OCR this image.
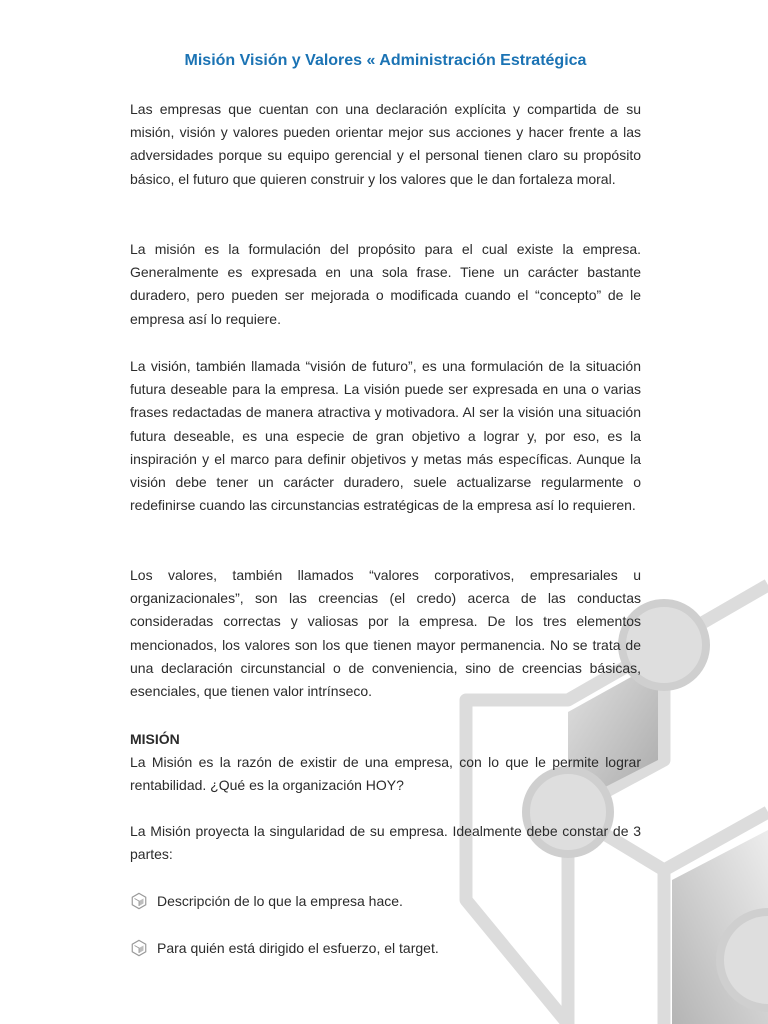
Misión Visión y Valores « Administración Estratégica

Las empresas que cuentan con una declaración explícita y compartida de su misión, visión y valores pueden orientar mejor sus acciones y hacer frente a las adversidades porque su equipo gerencial y el personal tienen claro su propósito básico, el futuro que quieren construir y los valores que le dan fortaleza moral.

La misión es la formulación del propósito para el cual existe la empresa. Generalmente es expresada en una sola frase. Tiene un carácter bastante duradero, pero pueden ser mejorada o modificada cuando el “concepto” de le empresa así lo requiere.

La visión, también llamada “visión de futuro”, es una formulación de la situación futura deseable para la empresa. La visión puede ser expresada en una o varias frases redactadas de manera atractiva y motivadora. Al ser la visión una situación futura deseable, es una especie de gran objetivo a lograr y, por eso, es la inspiración y el marco para definir objetivos y metas más específicas. Aunque la visión debe tener un carácter duradero, suele actualizarse regularmente o redefinirse cuando las circunstancias estratégicas de la empresa así lo requieren.

Los valores, también llamados “valores corporativos, empresariales u organizacionales”, son las creencias (el credo) acerca de las conductas consideradas correctas y valiosas por la empresa. De los tres elementos mencionados, los valores son los que tienen mayor permanencia. No se trata de una declaración circunstancial o de conveniencia, sino de creencias básicas, esenciales, que tienen valor intrínseco.

MISIÓN

La Misión es la razón de existir de una empresa, con lo que le permite lograr rentabilidad. ¿Qué es la organización HOY?

La Misión proyecta la singularidad de su empresa. Idealmente debe constar de 3 partes:

Descripción de lo que la empresa hace.
Para quién está dirigido el esfuerzo, el target.
